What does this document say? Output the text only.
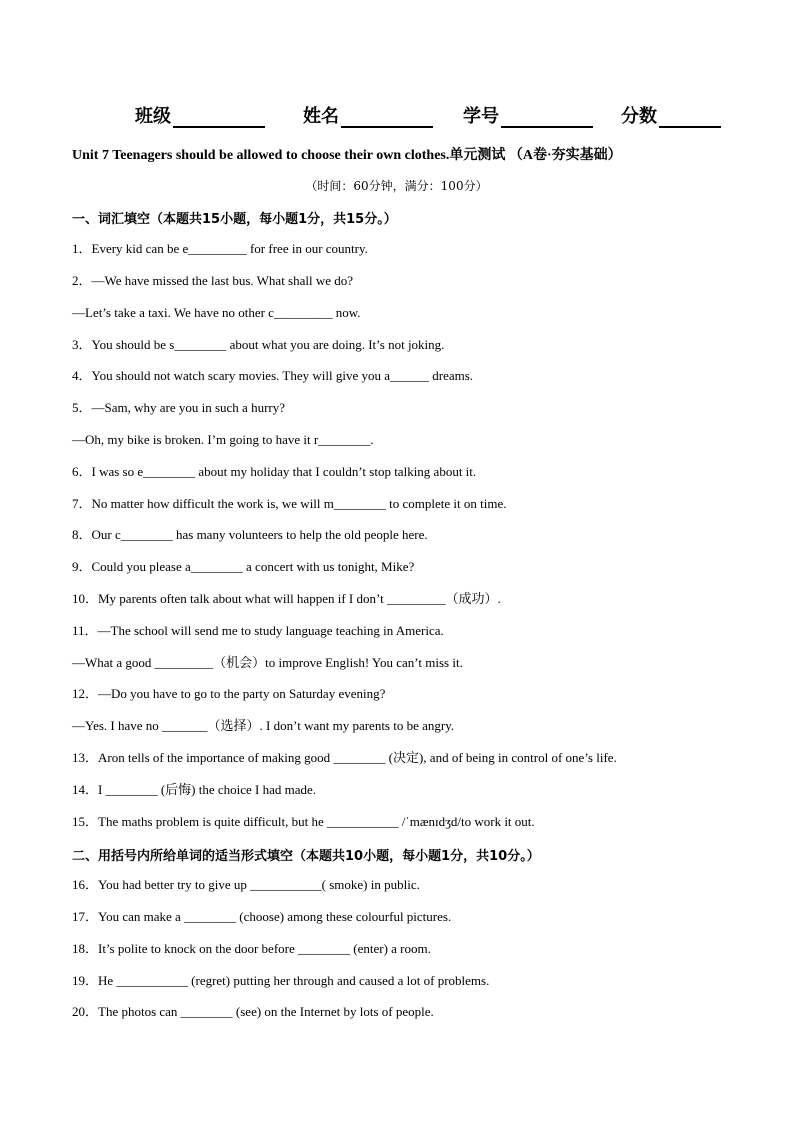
班级	姓名	学号	分数
Unit 7 Teenagers should be allowed to choose their own clothes.单元测试 （A卷·夯实基础）
（时间：60分钟，满分：100分）
一、词汇填空（本题共15小题，每小题1分，共15分。）
1．Every kid can be e_________ for free in our country.
2．—We have missed the last bus. What shall we do?
—Let’s take a taxi. We have no other c_________ now.
3．You should be s________ about what you are doing. It’s not joking.
4．You should not watch scary movies. They will give you a______ dreams.
5．—Sam, why are you in such a hurry?
—Oh, my bike is broken. I’m going to have it r________.
6．I was so e________ about my holiday that I couldn’t stop talking about it.
7．No matter how difficult the work is, we will m________ to complete it on time.
8．Our c________ has many volunteers to help the old people here.
9．Could you please a________ a concert with us tonight, Mike?
10．My parents often talk about what will happen if I don’t _________（成功）.
11．—The school will send me to study language teaching in America.
—What a good _________（机会）to improve English! You can’t miss it.
12．—Do you have to go to the party on Saturday evening?
—Yes. I have no _______（选择）. I don’t want my parents to be angry.
13．Aron tells of the importance of making good ________ (决定), and of being in control of one’s life.
14．I ________ (后悔) the choice I had made.
15．The maths problem is quite difficult, but he ___________ /ˈmænɪdʒd/to work it out.
二、用括号内所给单词的适当形式填空（本题共10小题，每小题1分，共10分。）
16．You had better try to give up ___________( smoke) in public.
17．You can make a ________ (choose) among these colourful pictures.
18．It’s polite to knock on the door before ________ (enter) a room.
19．He ___________ (regret) putting her through and caused a lot of problems.
20．The photos can ________ (see) on the Internet by lots of people.
